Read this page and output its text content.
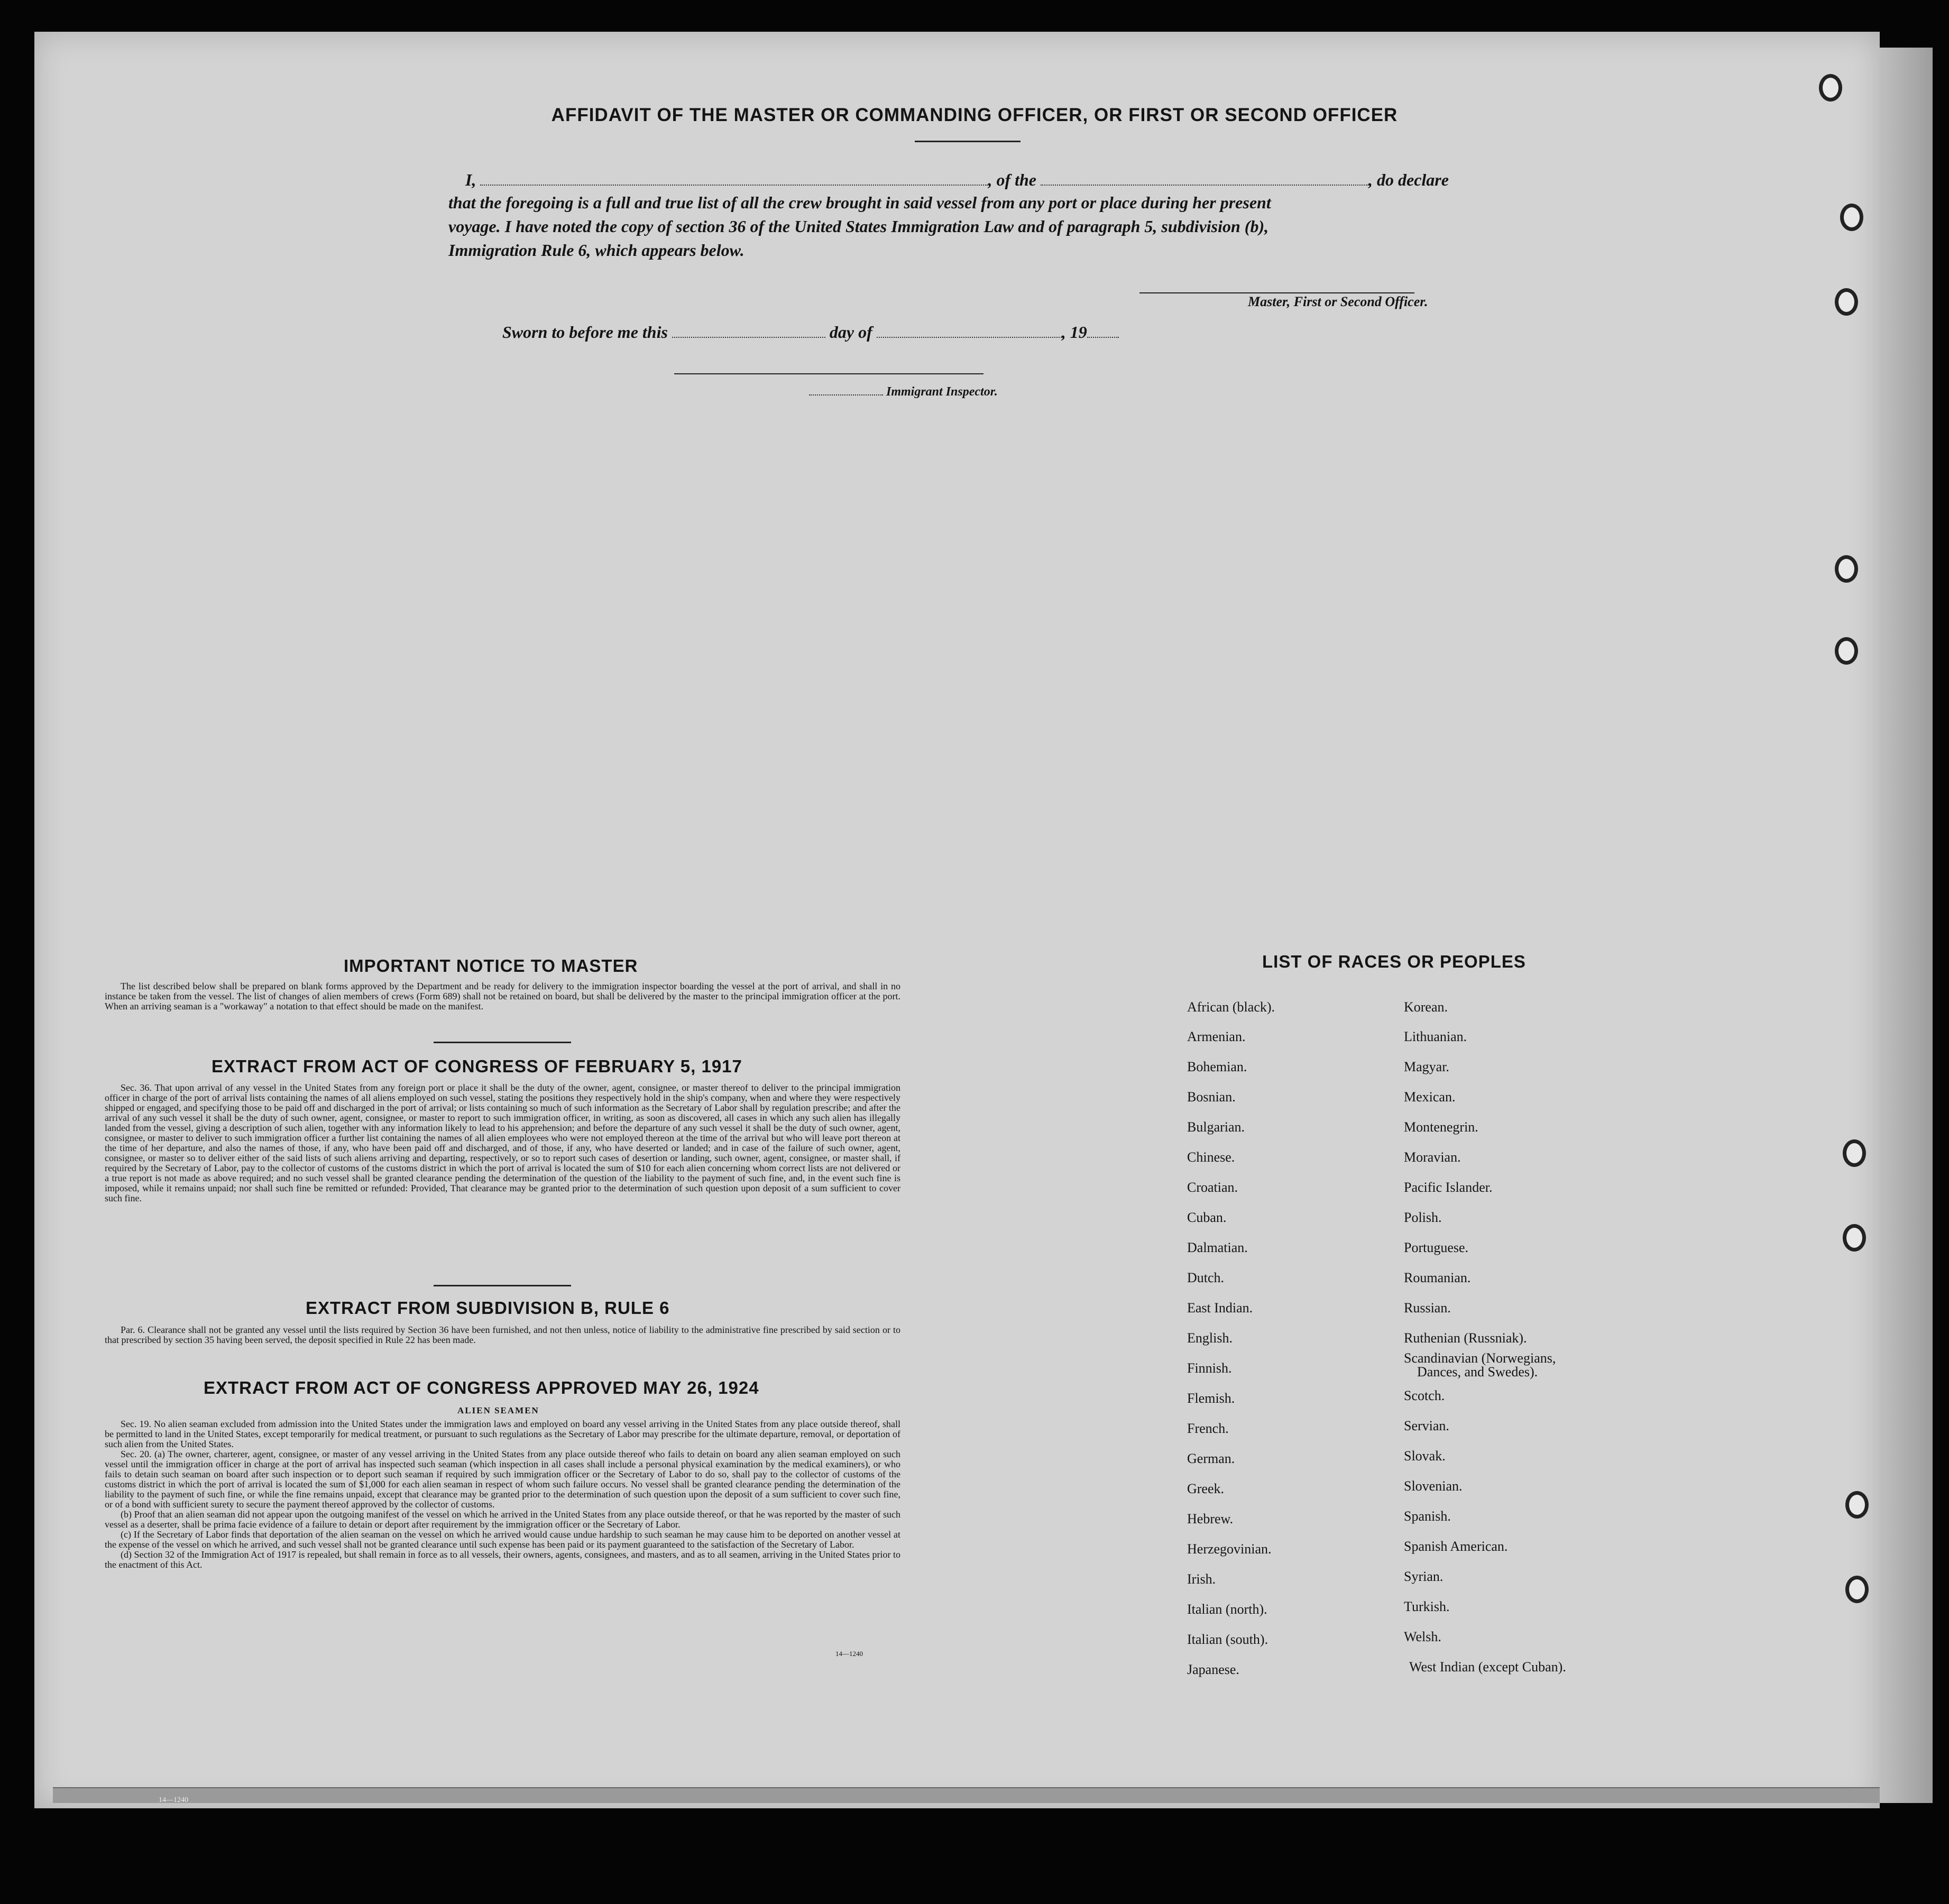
AFFIDAVIT OF THE MASTER OR COMMANDING OFFICER, OR FIRST OR SECOND OFFICER
I,	, of the	, do declare
that the foregoing is a full and true list of all the crew brought in said vessel from any port or place during her present
voyage. I have noted the copy of section 36 of the United States Immigration Law and of paragraph 5, subdivision (b),
Immigration Rule 6, which appears below.
Master, First or Second Officer.
Sworn to before me this	day of	, 19
Immigrant Inspector.
IMPORTANT NOTICE TO MASTER

The list described below shall be prepared on blank forms approved by the Department and be ready for delivery to the immigration inspector boarding the vessel at the port of arrival, and shall in no instance be taken from the vessel. The list of changes of alien members of crews (Form 689) shall not be retained on board, but shall be delivered by the master to the principal immigration officer at the port. When an arriving seaman is a "workaway" a notation to that effect should be made on the manifest.

EXTRACT FROM ACT OF CONGRESS OF FEBRUARY 5, 1917

Sec. 36. That upon arrival of any vessel in the United States from any foreign port or place it shall be the duty of the owner, agent, consignee, or master thereof to deliver to the principal immigration officer in charge of the port of arrival lists containing the names of all aliens employed on such vessel, stating the positions they respectively hold in the ship's company, when and where they were respectively shipped or engaged, and specifying those to be paid off and discharged in the port of arrival; or lists containing so much of such information as the Secretary of Labor shall by regulation prescribe; and after the arrival of any such vessel it shall be the duty of such owner, agent, consignee, or master to report to such immigration officer, in writing, as soon as discovered, all cases in which any such alien has illegally landed from the vessel, giving a description of such alien, together with any information likely to lead to his apprehension; and before the departure of any such vessel it shall be the duty of such owner, agent, consignee, or master to deliver to such immigration officer a further list containing the names of all alien employees who were not employed thereon at the time of the arrival but who will leave port thereon at the time of her departure, and also the names of those, if any, who have been paid off and discharged, and of those, if any, who have deserted or landed; and in case of the failure of such owner, agent, consignee, or master so to deliver either of the said lists of such aliens arriving and departing, respectively, or so to report such cases of desertion or landing, such owner, agent, consignee, or master shall, if required by the Secretary of Labor, pay to the collector of customs of the customs district in which the port of arrival is located the sum of $10 for each alien concerning whom correct lists are not delivered or a true report is not made as above required; and no such vessel shall be granted clearance pending the determination of the question of the liability to the payment of such fine, and, in the event such fine is imposed, while it remains unpaid; nor shall such fine be remitted or refunded: Provided, That clearance may be granted prior to the determination of such question upon deposit of a sum sufficient to cover such fine.

EXTRACT FROM SUBDIVISION B, RULE 6

Par. 6. Clearance shall not be granted any vessel until the lists required by Section 36 have been furnished, and not then unless, notice of liability to the administrative fine prescribed by said section or to that prescribed by section 35 having been served, the deposit specified in Rule 22 has been made.

EXTRACT FROM ACT OF CONGRESS APPROVED MAY 26, 1924
ALIEN SEAMEN

Sec. 19. No alien seaman excluded from admission into the United States under the immigration laws and employed on board any vessel arriving in the United States from any place outside thereof, shall be permitted to land in the United States, except temporarily for medical treatment, or pursuant to such regulations as the Secretary of Labor may prescribe for the ultimate departure, removal, or deportation of such alien from the United States.

Sec. 20. (a) The owner, charterer, agent, consignee, or master of any vessel arriving in the United States from any place outside thereof who fails to detain on board any alien seaman employed on such vessel until the immigration officer in charge at the port of arrival has inspected such seaman (which inspection in all cases shall include a personal physical examination by the medical examiners), or who fails to detain such seaman on board after such inspection or to deport such seaman if required by such immigration officer or the Secretary of Labor to do so, shall pay to the collector of customs of the customs district in which the port of arrival is located the sum of $1,000 for each alien seaman in respect of whom such failure occurs. No vessel shall be granted clearance pending the determination of the liability to the payment of such fine, or while the fine remains unpaid, except that clearance may be granted prior to the determination of such question upon the deposit of a sum sufficient to cover such fine, or of a bond with sufficient surety to secure the payment thereof approved by the collector of customs.

(b) Proof that an alien seaman did not appear upon the outgoing manifest of the vessel on which he arrived in the United States from any place outside thereof, or that he was reported by the master of such vessel as a deserter, shall be prima facie evidence of a failure to detain or deport after requirement by the immigration officer or the Secretary of Labor.

(c) If the Secretary of Labor finds that deportation of the alien seaman on the vessel on which he arrived would cause undue hardship to such seaman he may cause him to be deported on another vessel at the expense of the vessel on which he arrived, and such vessel shall not be granted clearance until such expense has been paid or its payment guaranteed to the satisfaction of the Secretary of Labor.

(d) Section 32 of the Immigration Act of 1917 is repealed, but shall remain in force as to all vessels, their owners, agents, consignees, and masters, and as to all seamen, arriving in the United States prior to the enactment of this Act.

14—1240
14—1240
LIST OF RACES OR PEOPLES
African (black).
Armenian.
Bohemian.
Bosnian.
Bulgarian.
Chinese.
Croatian.
Cuban.
Dalmatian.
Dutch.
East Indian.
English.
Finnish.
Flemish.
French.
German.
Greek.
Hebrew.
Herzegovinian.
Irish.
Italian (north).
Italian (south).
Japanese.
Korean.
Lithuanian.
Magyar.
Mexican.
Montenegrin.
Moravian.
Pacific Islander.
Polish.
Portuguese.
Roumanian.
Russian.
Ruthenian (Russniak).
Scandinavian (Norwegians,
Dances, and Swedes).
Scotch.
Servian.
Slovak.
Slovenian.
Spanish.
Spanish American.
Syrian.
Turkish.
Welsh.
West Indian (except Cuban).
